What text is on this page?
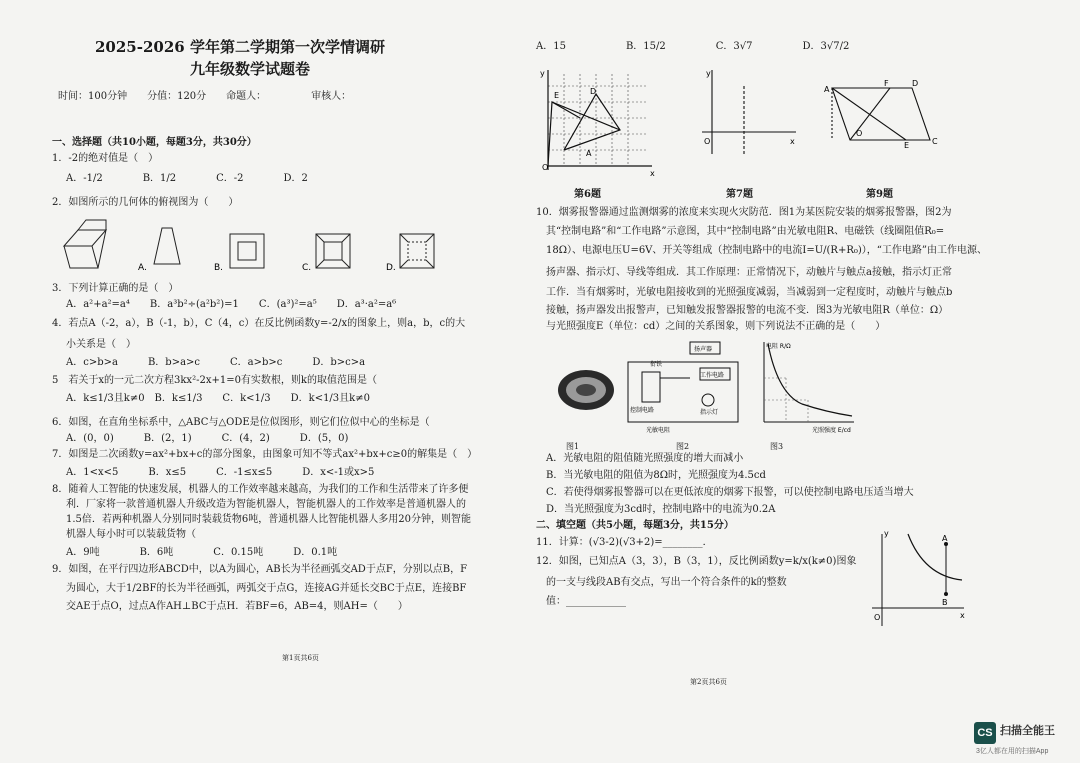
2025-2026 学年第二学期第一次学情调研
九年级数学试题卷
时间：100分钟　　分值：120分　　命题人：　　　　　审核人：
一、选择题（共10小题，每题3分，共30分）
1．-2的绝对值是（　）
A．-1/2　　　　B．1/2　　　　C．-2　　　　D．2
2．如图所示的几何体的俯视图为（　　）
A.	B.	C.	D.
3．下列计算正确的是（　）
A．a²+a²=a⁴　　B．a³b²÷(a²b²)=1　　C．(a³)²=a⁵　　D．a³·a²=a⁶
4．若点A（-2，a），B（-1，b），C（4，c）在反比例函数y=-2/x的图象上，则a，b，c的大
小关系是（　）
A．c>b>a　　　B．b>a>c　　　C．a>b>c　　　D．b>c>a
5　若关于x的一元二次方程3kx²-2x+1=0有实数根，则k的取值范围是（
A．k≤1/3且k≠0　B．k≤1/3　　C．k<1/3　　D．k<1/3且k≠0
6．如图，在直角坐标系中，△ABC与△ODE是位似图形，则它们位似中心的坐标是（
A．(0，0)　　　B．(2，1)　　　C．(4，2)　　　D．(5，0)
7．如图是二次函数y=ax²+bx+c的部分图象，由图象可知不等式ax²+bx+c≥0的解集是（　）
A．1<x<5　　　B．x≤5　　　C．-1≤x≤5　　　D．x<-1或x>5
8．随着人工智能的快速发展，机器人的工作效率越来越高，为我们的工作和生活带来了许多便
利．厂家将一款普通机器人升级改造为智能机器人，智能机器人的工作效率是普通机器人的
1.5倍．若两种机器人分别同时装载货物6吨，普通机器人比智能机器人多用20分钟，则智能
机器人每小时可以装载货物（
A．9吨　　　　B．6吨　　　　C．0.15吨　　　D．0.1吨
9．如图，在平行四边形ABCD中，以A为圆心，AB长为半径画弧交AD于点F，分别以点B，F
为圆心，大于1/2BF的长为半径画弧，两弧交于点G，连接AG并延长交BC于点E，连接BF
交AE于点O，过点A作AH⊥BC于点H．若BF=6，AB=4，则AH=（　　）
第1页共6页
A．15　　　　　　B．15/2　　　　　C．3√7　　　　　D．3√7/2
y
x
O
E	D
A
y
O	x
A
F	D
C
E
O
第6题	第7题	第9题
10．烟雾报警器通过监测烟雾的浓度来实现火灾防范．图1为某医院安装的烟雾报警器，图2为
其“控制电路”和“工作电路”示意图，其中“控制电路”由光敏电阻R、电磁铁（线圈阻值R₀=
18Ω）、电源电压U=6V、开关等组成（控制电路中的电流I=U/(R+R₀)），“工作电路”由工作电源、
扬声器、指示灯、导线等组成．其工作原理：正常情况下，动触片与触点a接触，指示灯正常
工作．当有烟雾时，光敏电阻接收到的光照强度减弱，当减弱到一定程度时，动触片与触点b
接触，扬声器发出报警声，已知触发报警器报警的电流不变．图3为光敏电阻R（单位：Ω）
与光照强度E（单位：cd）之间的关系图象，则下列说法不正确的是（　　）
扬声器
工作电路
指示灯
衔铁
控制电路
光敏电阻
电阻 R/Ω
光照强度 E/cd
图1	图2	图3
A．光敏电阻的阻值随光照强度的增大而减小
B．当光敏电阻的阻值为8Ω时，光照强度为4.5cd
C．若使得烟雾报警器可以在更低浓度的烟雾下报警，可以使控制电路电压适当增大
D．当光照强度为3cd时，控制电路中的电流为0.2A
二、填空题（共5小题，每题3分，共15分）
11．计算：(√3-2)(√3+2)=________．
12．如图，已知点A（3，3），B（3，1），反比例函数y=k/x(k≠0)图象
的一支与线段AB有交点，写出一个符合条件的k的整数
值：____________
A
B
O	x
y
第2页共6页
CS 扫描全能王
3亿人都在用的扫描App
